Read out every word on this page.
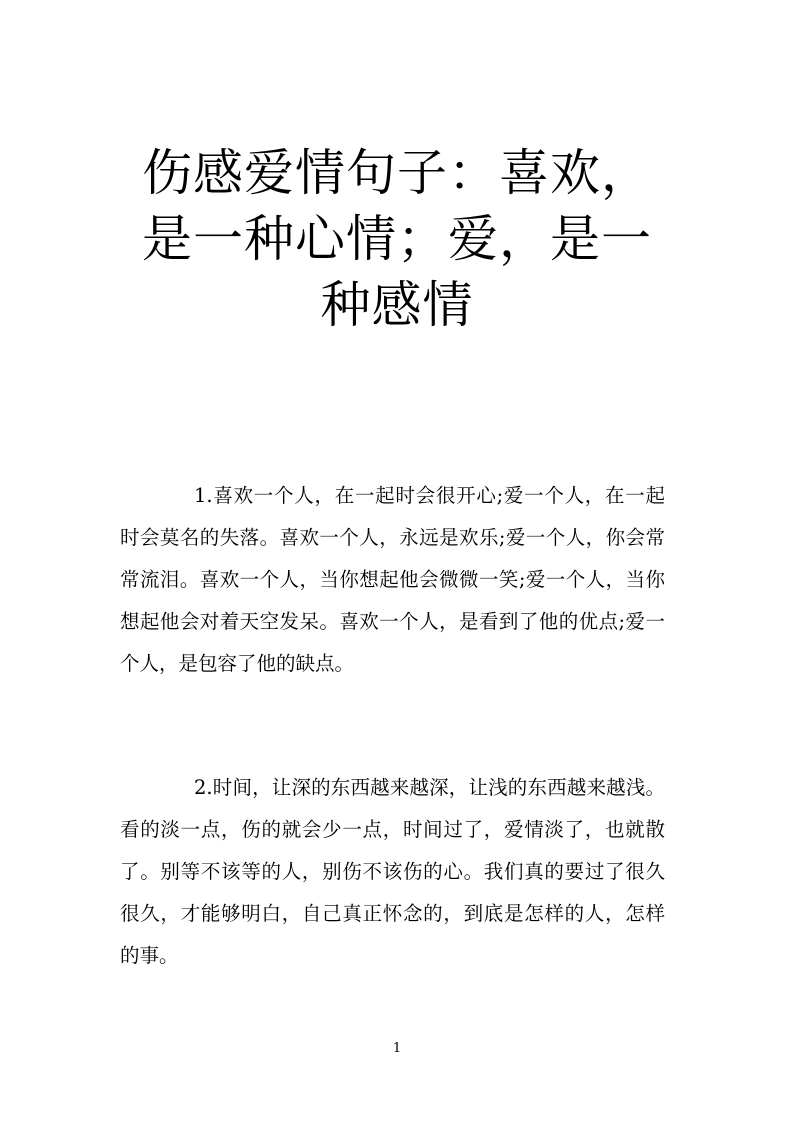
伤感爱情句子：喜欢，是一种心情；爱，是一种感情

1.喜欢一个人，在一起时会很开心;爱一个人，在一起时会莫名的失落。喜欢一个人，永远是欢乐;爱一个人，你会常常流泪。喜欢一个人，当你想起他会微微一笑;爱一个人，当你想起他会对着天空发呆。喜欢一个人，是看到了他的优点;爱一个人，是包容了他的缺点。

2.时间，让深的东西越来越深，让浅的东西越来越浅。看的淡一点，伤的就会少一点，时间过了，爱情淡了，也就散了。别等不该等的人，别伤不该伤的心。我们真的要过了很久很久，才能够明白，自己真正怀念的，到底是怎样的人，怎样的事。

1
